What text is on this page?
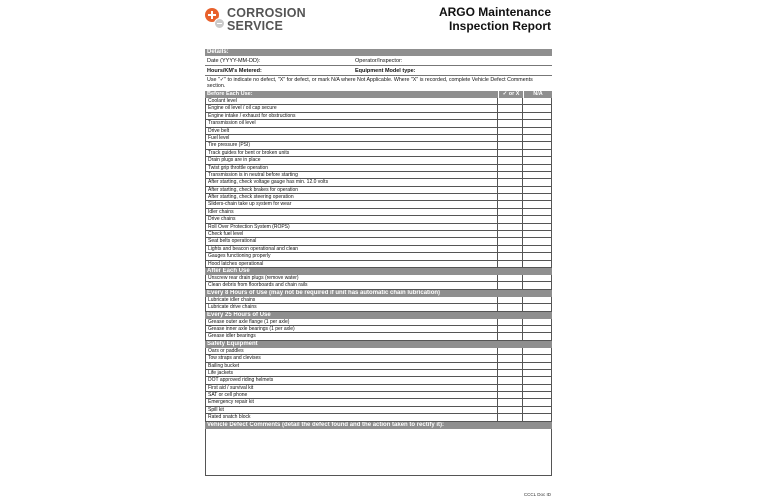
CORROSION
SERVICE
ARGO Maintenance
Inspection Report
Details:
Date (YYYY-MM-DD):	Operator/Inspector:
Hours/KM's Metered:	Equipment Model type:
Use "✓" to indicate no defect, "X" for defect, or mark N/A where Not Applicable. Where "X" is recorded, complete Vehicle Defect Comments section.
Before Each Use:	✓ or X	N/A
Coolant level
Engine oil level / oil cap secure
Engine intake / exhaust for obstructions
Transmission oil level
Drive belt
Fuel level
Tire pressure (PSI)
Track guides for bent or broken units
Drain plugs are in place
Twist grip throttle operation
Transmission is in neutral before starting
After starting, check voltage gauge has min. 12.0 volts
After starting, check brakes for operation
After starting, check steering operation
Sliders-chain take up system for wear
Idler chains
Drive chains
Roll Over Protection System (ROPS)
Check fuel level
Seat belts operational
Lights and beacon operational and clean
Gauges functioning properly
Hood latches operational
After Each Use
Unscrew rear drain plugs (remove water)
Clean debris from floorboards and chain rails
Every 8 Hours of Use (may not be required if unit has automatic chain lubrication)
Lubricate idler chains
Lubricate drive chains
Every 25 Hours of Use
Grease outer axle flange (1 per axle)
Grease inner axle bearings (1 per axle)
Grease idler bearings
Safety Equipment
Oars or paddles
Tow straps and clevises
Bailing bucket
Life jackets
DOT approved riding helmets
First aid / survival kit
SAT or cell phone
Emergency repair kit
Spill kit
Rated snatch block
Vehicle Defect Comments (detail the defect found and the action taken to rectify it):
CCCL Doc ID
